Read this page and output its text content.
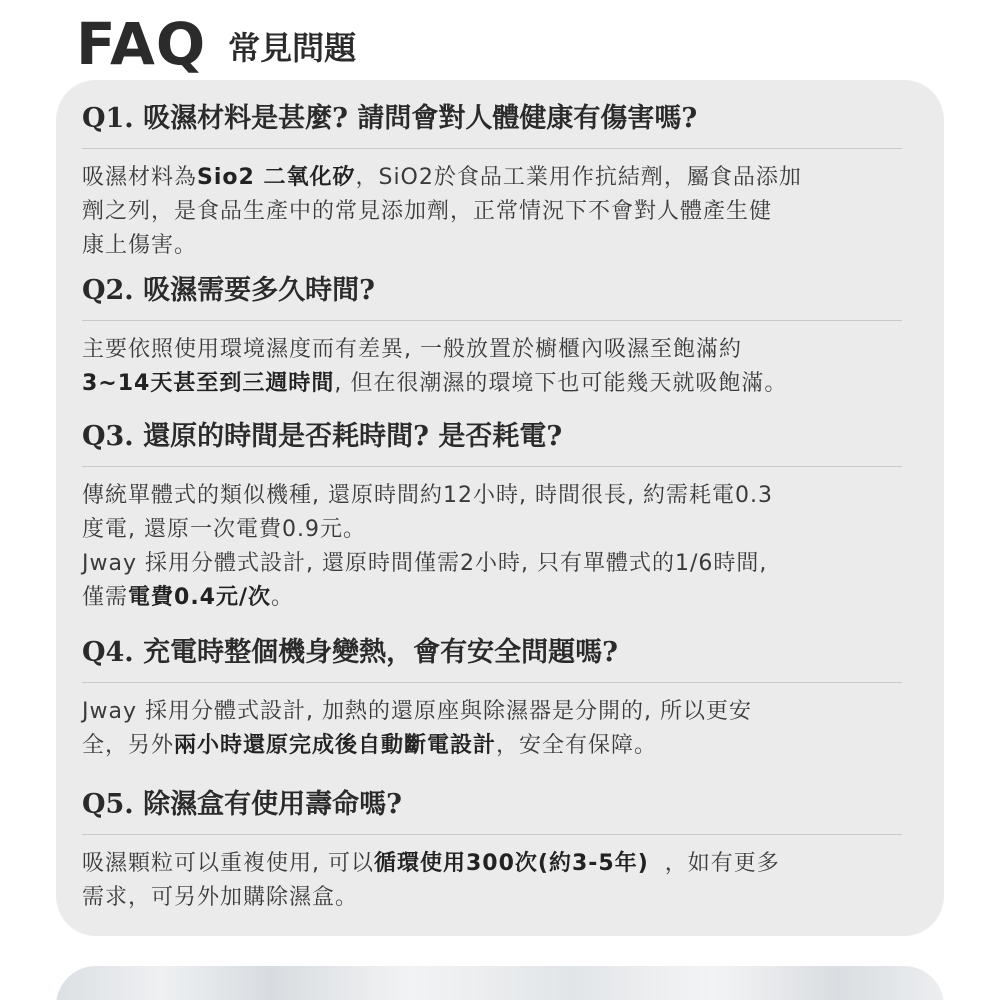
FAQ 常見問題

Q1. 吸濕材料是甚麼? 請問會對人體健康有傷害嗎?

吸濕材料為Sio2 二氧化矽，SiO2於食品工業用作抗結劑，屬食品添加
劑之列，是食品生產中的常見添加劑，正常情況下不會對人體產生健
康上傷害。

Q2. 吸濕需要多久時間?

主要依照使用環境濕度而有差異, 一般放置於櫥櫃內吸濕至飽滿約
3~14天甚至到三週時間, 但在很潮濕的環境下也可能幾天就吸飽滿。

Q3. 還原的時間是否耗時間? 是否耗電?

傳統單體式的類似機種, 還原時間約12小時, 時間很長, 約需耗電0.3
度電, 還原一次電費0.9元。
Jway 採用分體式設計, 還原時間僅需2小時, 只有單體式的1/6時間,
僅需電費0.4元/次。

Q4. 充電時整個機身變熱，會有安全問題嗎?

Jway 採用分體式設計, 加熱的還原座與除濕器是分開的, 所以更安
全，另外兩小時還原完成後自動斷電設計，安全有保障。

Q5. 除濕盒有使用壽命嗎?

吸濕顆粒可以重複使用, 可以循環使用300次(約3-5年)  ，如有更多
需求，可另外加購除濕盒。
